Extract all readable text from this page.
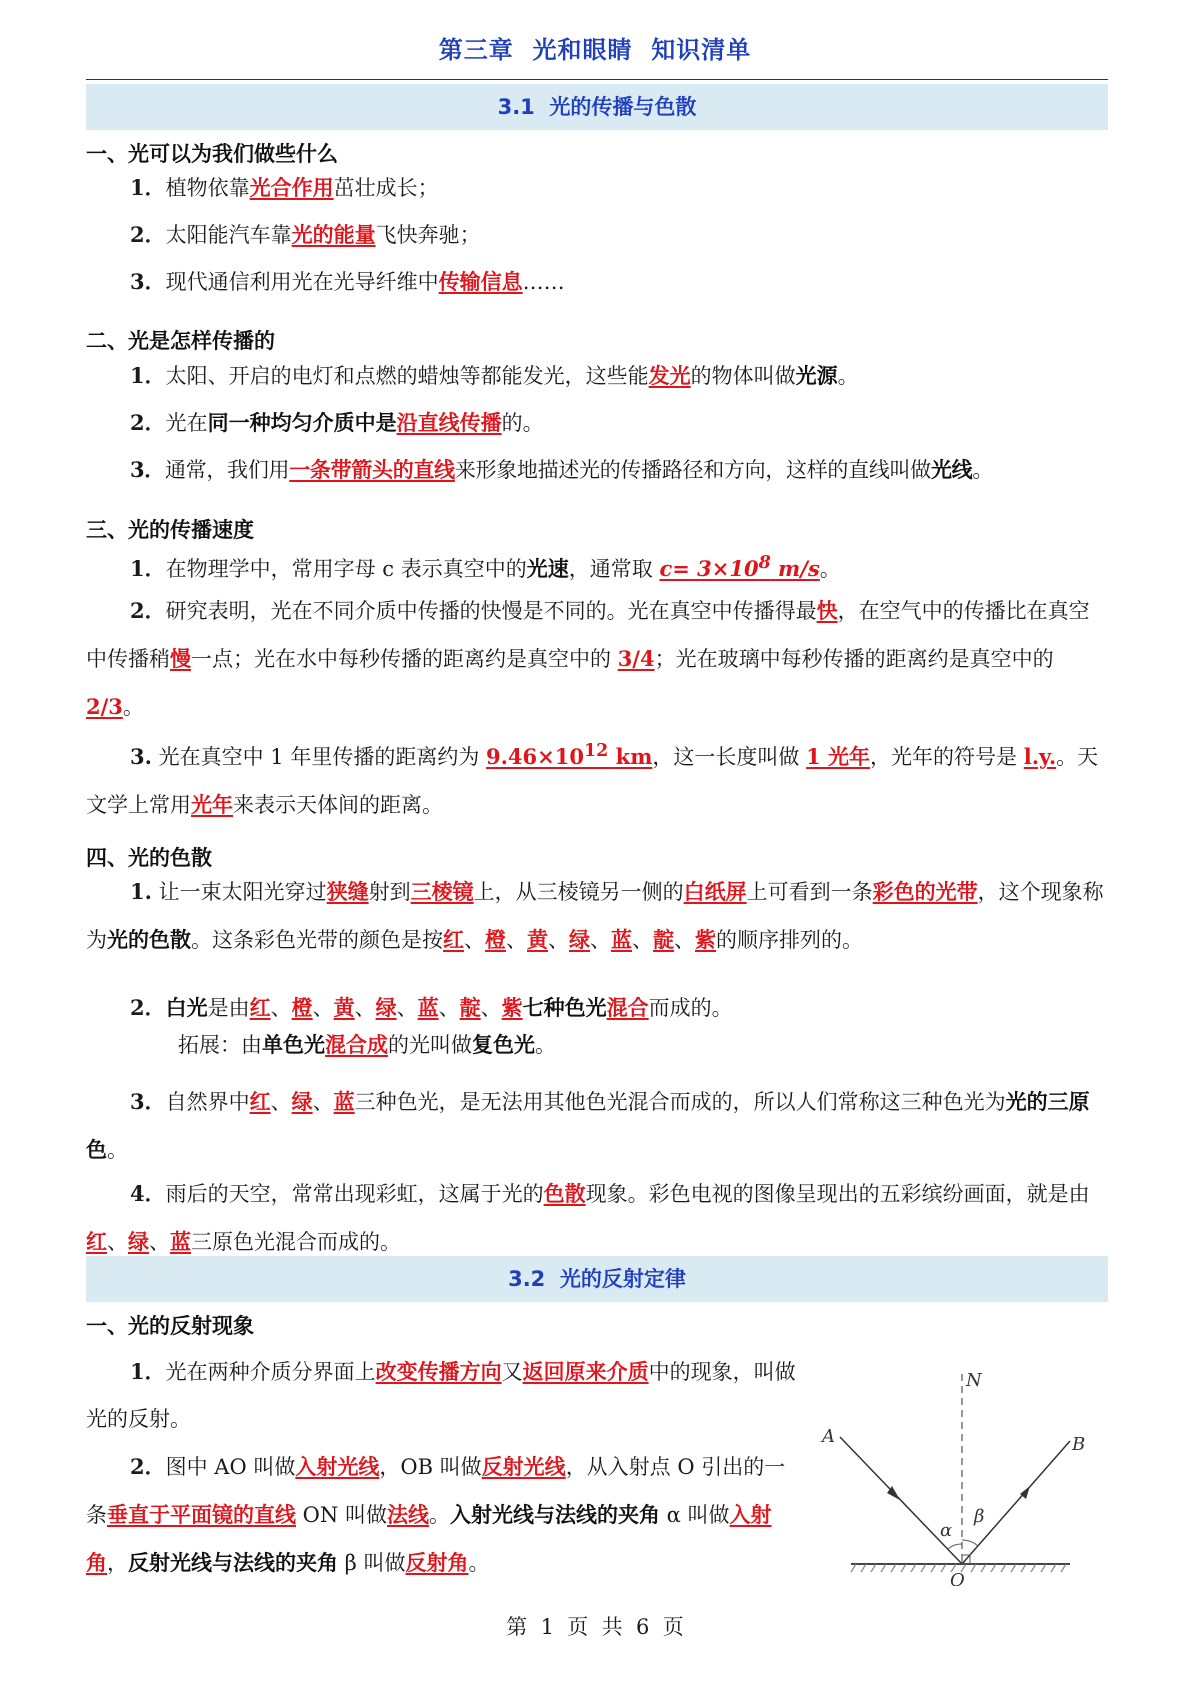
第三章  光和眼睛  知识清单
3.1  光的传播与色散
一、光可以为我们做些什么
1．植物依靠光合作用茁壮成长；
2．太阳能汽车靠光的能量飞快奔驰；
3．现代通信利用光在光导纤维中传输信息……
二、光是怎样传播的
1．太阳、开启的电灯和点燃的蜡烛等都能发光，这些能发光的物体叫做光源。
2．光在同一种均匀介质中是沿直线传播的。
3．通常，我们用一条带箭头的直线来形象地描述光的传播路径和方向，这样的直线叫做光线。
三、光的传播速度
1．在物理学中，常用字母 c 表示真空中的光速，通常取 $c= 3\times 10^8$ m/s。
2．研究表明，光在不同介质中传播的快慢是不同的。光在真空中传播得最快，在空气中的传播比在真空中传播稍慢一点；光在水中每秒传播的距离约是真空中的 3/4；光在玻璃中每秒传播的距离约是真空中的 2/3。
3. 光在真空中 1 年里传播的距离约为 $9.46\times 10^{12}$ km，这一长度叫做 1 光年，光年的符号是 l.y.。天文学上常用光年来表示天体间的距离。
四、光的色散
1. 让一束太阳光穿过狭缝射到三棱镜上，从三棱镜另一侧的白纸屏上可看到一条彩色的光带，这个现象称为光的色散。这条彩色光带的颜色是按红、橙、黄、绿、蓝、靛、紫的顺序排列的。
2．白光是由红、橙、黄、绿、蓝、靛、紫七种色光混合而成的。
拓展：由单色光混合成的光叫做复色光。
3．自然界中红、绿、蓝三种色光，是无法用其他色光混合而成的，所以人们常称这三种色光为光的三原色。
4．雨后的天空，常常出现彩虹，这属于光的色散现象。彩色电视的图像呈现出的五彩缤纷画面，就是由红、绿、蓝三原色光混合而成的。
3.2  光的反射定律
一、光的反射现象
1．光在两种介质分界面上改变传播方向又返回原来介质中的现象，叫做光的反射。
2．图中 AO 叫做入射光线，OB 叫做反射光线，从入射点 O 引出的一条垂直于平面镜的直线 ON 叫做法线。入射光线与法线的夹角 α 叫做入射角，反射光线与法线的夹角 β 叫做反射角。
N
A	B
O
α
β
第  1  页  共  6  页
